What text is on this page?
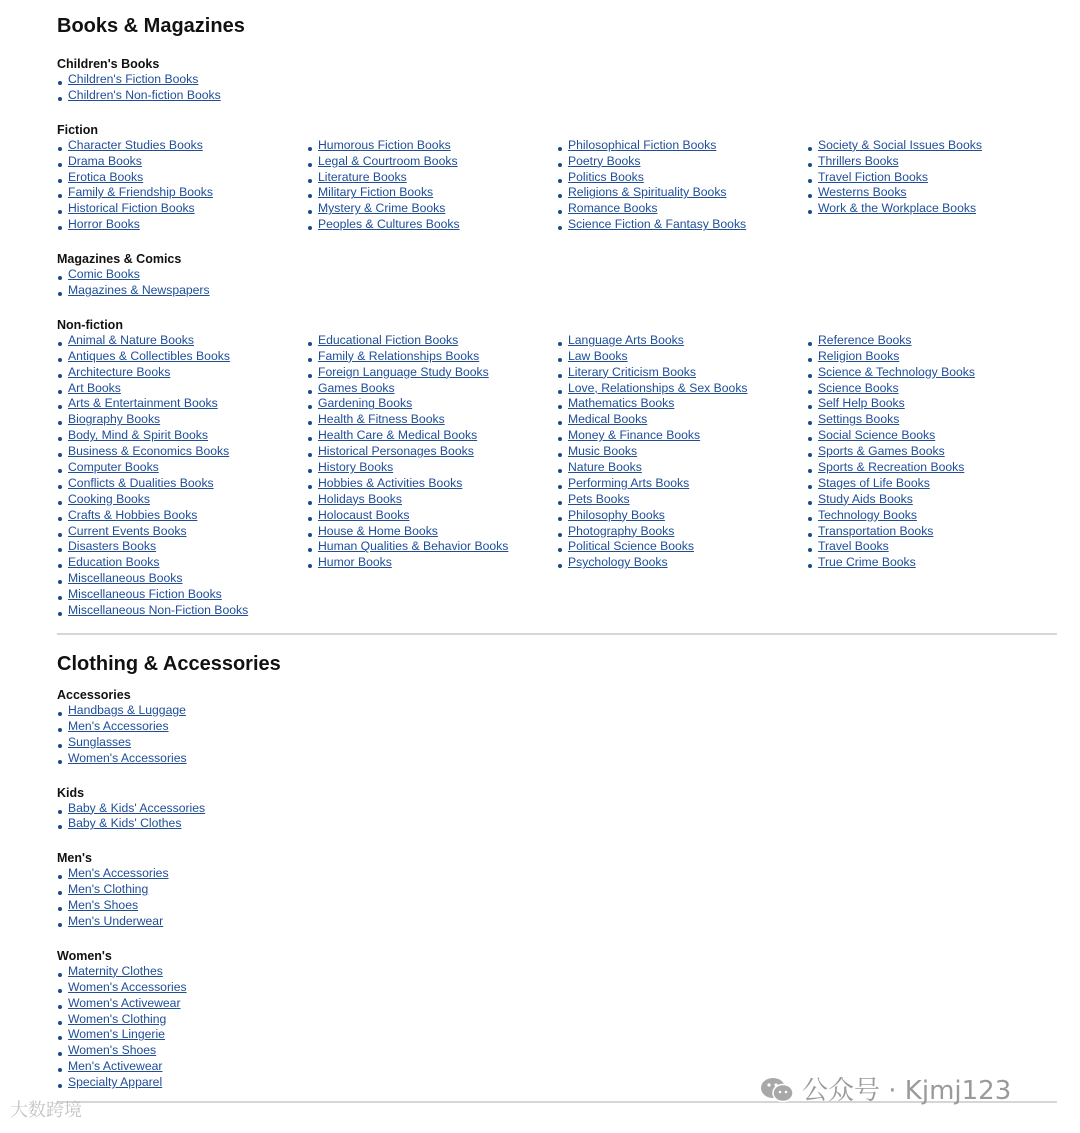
Books & Magazines
Children's Books
Children's Fiction Books
Children's Non-fiction Books
Fiction
Character Studies Books
Drama Books
Erotica Books
Family & Friendship Books
Historical Fiction Books
Horror Books
Humorous Fiction Books
Legal & Courtroom Books
Literature Books
Military Fiction Books
Mystery & Crime Books
Peoples & Cultures Books
Philosophical Fiction Books
Poetry Books
Politics Books
Religions & Spirituality Books
Romance Books
Science Fiction & Fantasy Books
Society & Social Issues Books
Thrillers Books
Travel Fiction Books
Westerns Books
Work & the Workplace Books
Magazines & Comics
Comic Books
Magazines & Newspapers
Non-fiction
Animal & Nature Books
Antiques & Collectibles Books
Architecture Books
Art Books
Arts & Entertainment Books
Biography Books
Body, Mind & Spirit Books
Business & Economics Books
Computer Books
Conflicts & Dualities Books
Cooking Books
Crafts & Hobbies Books
Current Events Books
Disasters Books
Education Books
Educational Fiction Books
Family & Relationships Books
Foreign Language Study Books
Games Books
Gardening Books
Health & Fitness Books
Health Care & Medical Books
Historical Personages Books
History Books
Hobbies & Activities Books
Holidays Books
Holocaust Books
House & Home Books
Human Qualities & Behavior Books
Humor Books
Language Arts Books
Law Books
Literary Criticism Books
Love, Relationships & Sex Books
Mathematics Books
Medical Books
Money & Finance Books
Music Books
Nature Books
Performing Arts Books
Pets Books
Philosophy Books
Photography Books
Political Science Books
Psychology Books
Reference Books
Religion Books
Science & Technology Books
Science Books
Self Help Books
Settings Books
Social Science Books
Sports & Games Books
Sports & Recreation Books
Stages of Life Books
Study Aids Books
Technology Books
Transportation Books
Travel Books
True Crime Books
Miscellaneous Books
Miscellaneous Fiction Books
Miscellaneous Non-Fiction Books
Clothing & Accessories
Accessories
Handbags & Luggage
Men's Accessories
Sunglasses
Women's Accessories
Kids
Baby & Kids' Accessories
Baby & Kids' Clothes
Men's
Men's Accessories
Men's Clothing
Men's Shoes
Men's Underwear
Women's
Maternity Clothes
Women's Accessories
Women's Activewear
Women's Clothing
Women's Lingerie
Women's Shoes
Men's Activewear
Specialty Apparel	公众号 · Kjmj123
大数跨境
